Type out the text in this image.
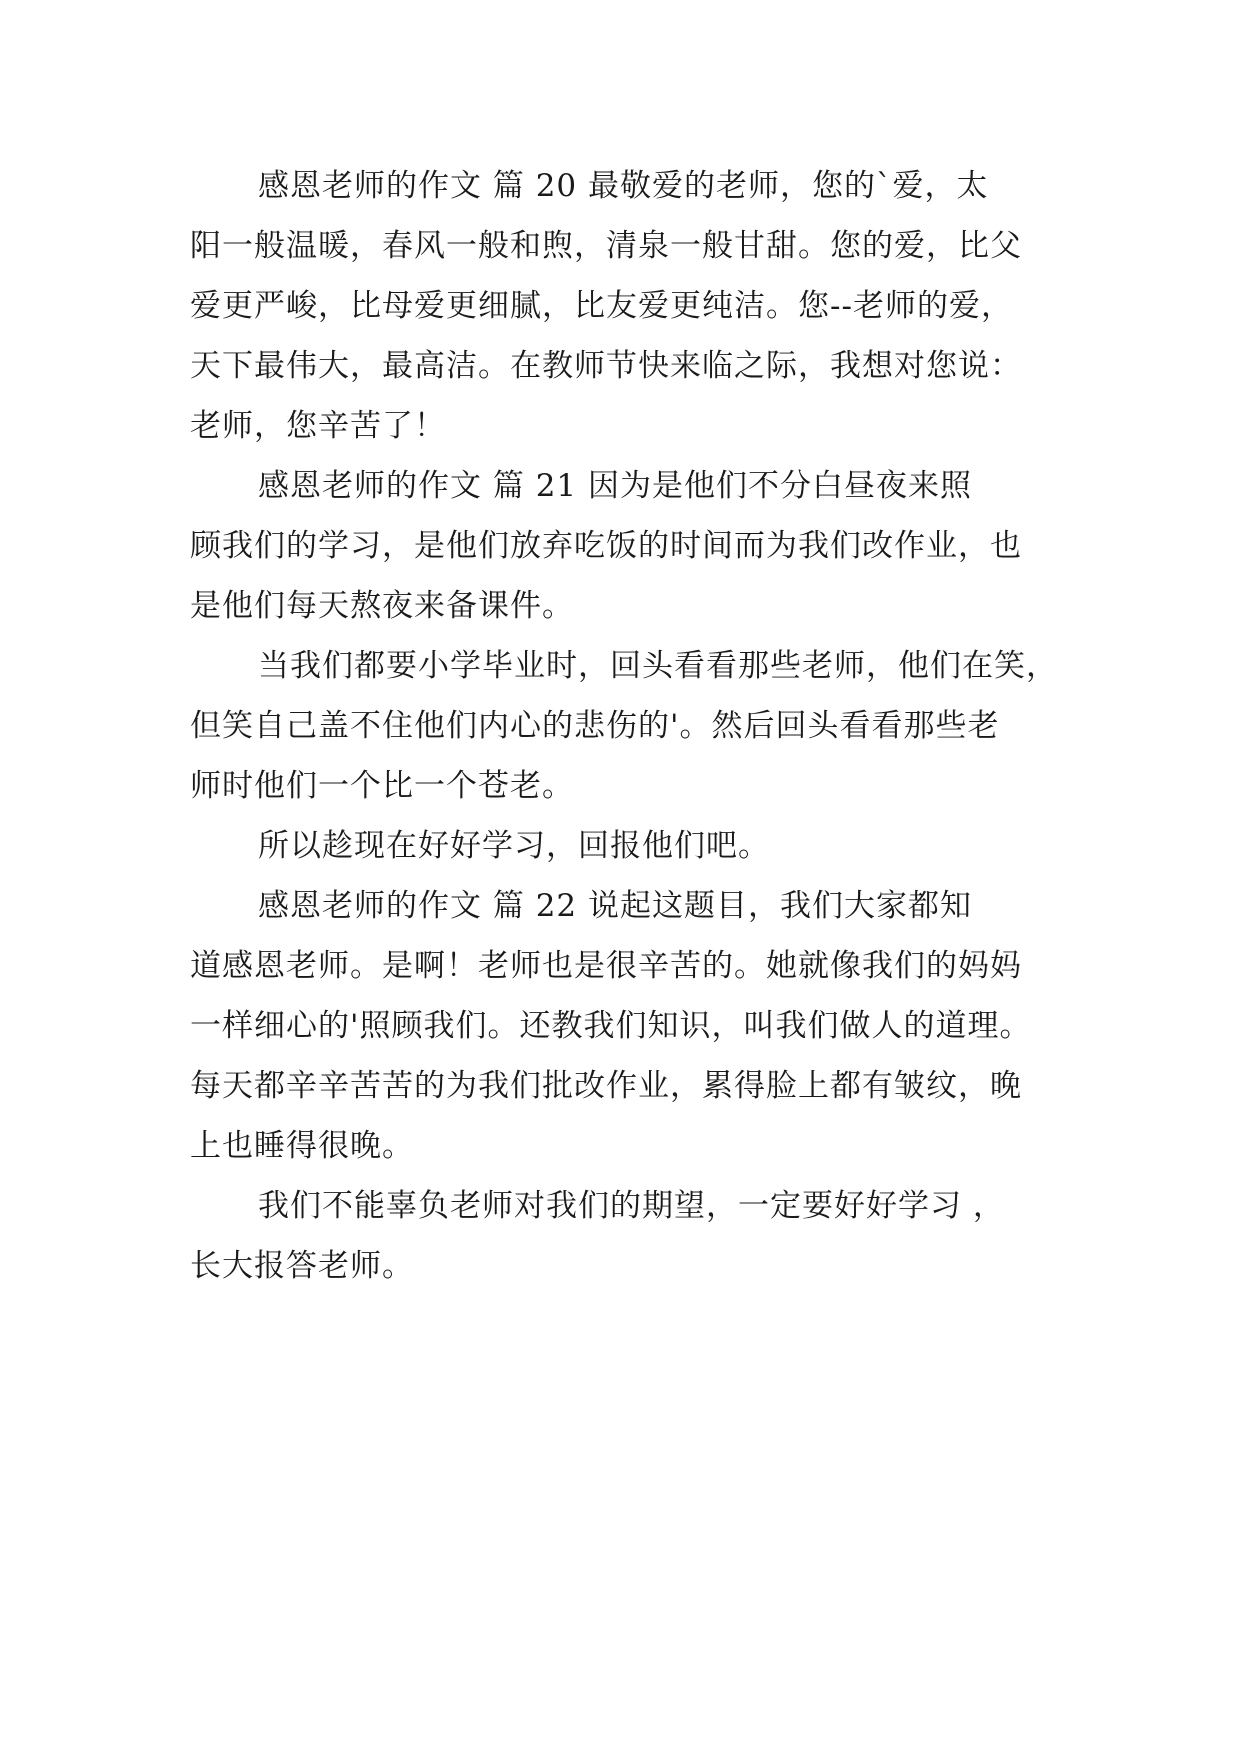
感恩老师的作文 篇 20 最敬爱的老师，您的`爱，太
阳一般温暖，春风一般和煦，清泉一般甘甜。您的爱，比父
爱更严峻，比母爱更细腻，比友爱更纯洁。您--老师的爱，
天下最伟大，最高洁。在教师节快来临之际，我想对您说：
老师，您辛苦了！
感恩老师的作文 篇 21 因为是他们不分白昼夜来照
顾我们的学习，是他们放弃吃饭的时间而为我们改作业，也
是他们每天熬夜来备课件。
当我们都要小学毕业时，回头看看那些老师，他们在笑，
但笑自己盖不住他们内心的悲伤的'。然后回头看看那些老
师时他们一个比一个苍老。
所以趁现在好好学习，回报他们吧。
感恩老师的作文 篇 22 说起这题目，我们大家都知
道感恩老师。是啊！老师也是很辛苦的。她就像我们的妈妈
一样细心的'照顾我们。还教我们知识，叫我们做人的道理。
每天都辛辛苦苦的为我们批改作业，累得脸上都有皱纹，晚
上也睡得很晚。
我们不能辜负老师对我们的期望，一定要好好学习 ，
长大报答老师。
